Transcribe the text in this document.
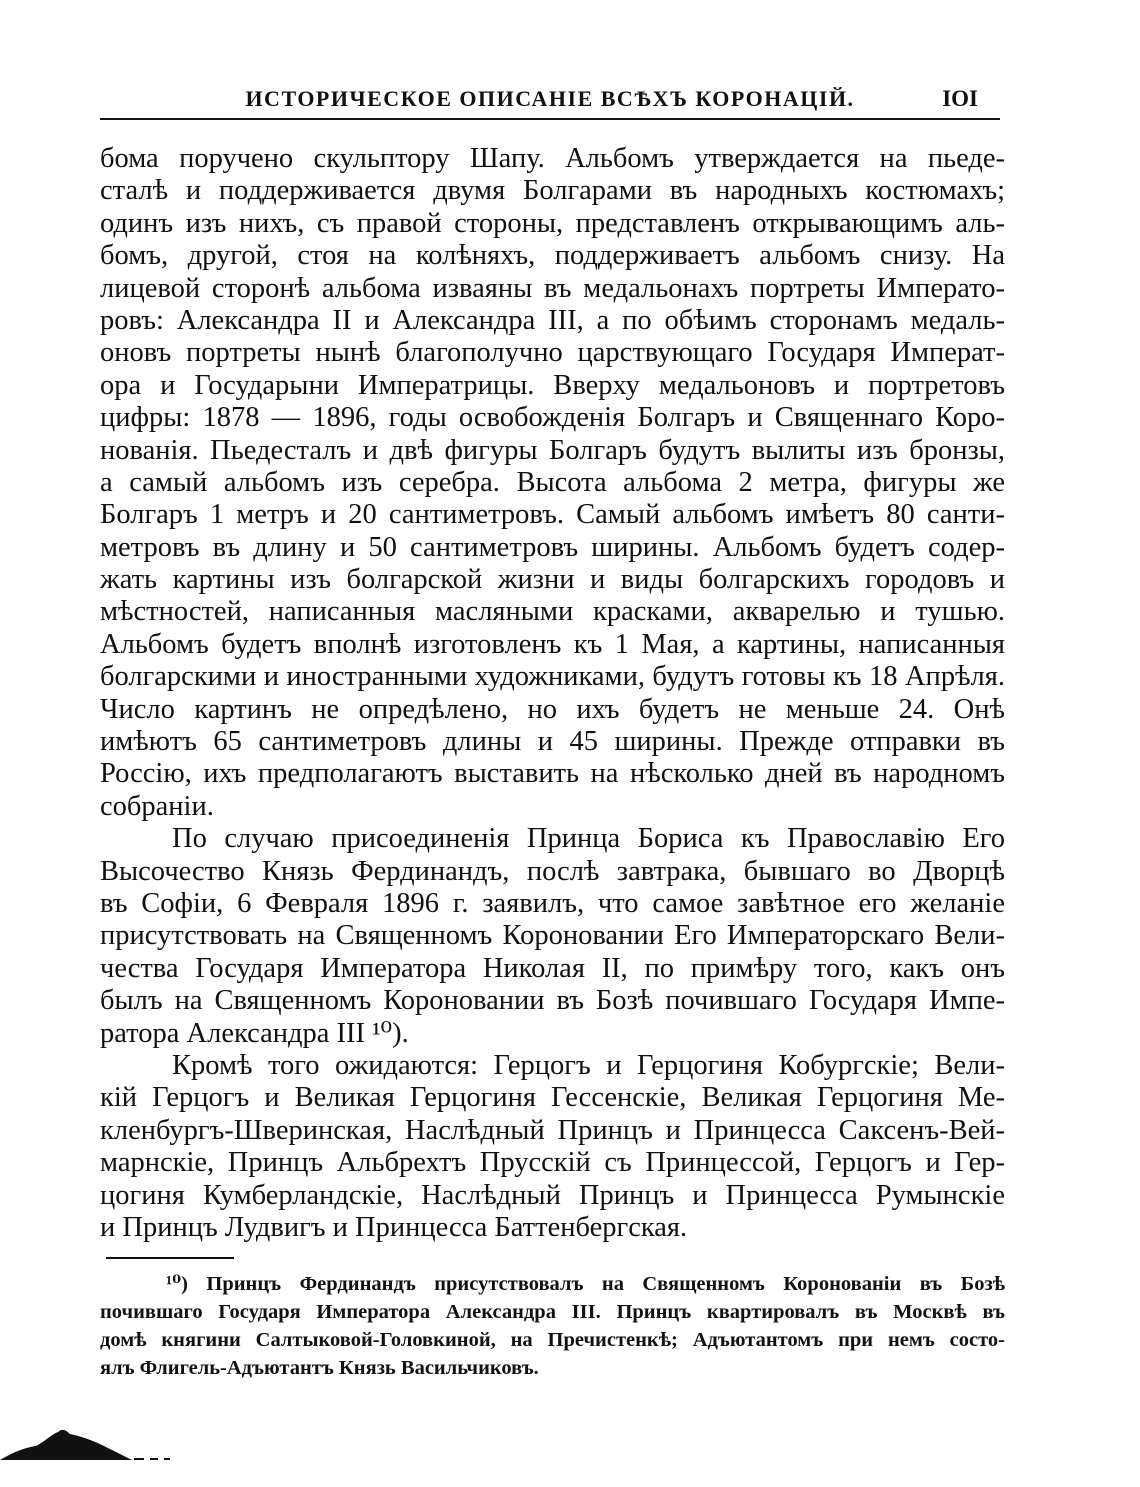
ИСТОРИЧЕСКОЕ ОПИСАНІЕ ВСѢХЪ КОРОНАЦІЙ.	IOI
бома поручено скульптору Шапу. Альбомъ утверждается на пьеде-
сталѣ и поддерживается двумя Болгарами въ народныхъ костюмахъ;
одинъ изъ нихъ, съ правой стороны, представленъ открывающимъ аль-
бомъ, другой, стоя на колѣняхъ, поддерживаетъ альбомъ снизу. На
лицевой сторонѣ альбома изваяны въ медальонахъ портреты Императо-
ровъ: Александра II и Александра III, а по обѣимъ сторонамъ медаль-
оновъ портреты нынѣ благополучно царствующаго Государя Императ-
ора и Государыни Императрицы. Вверху медальоновъ и портретовъ
цифры: 1878 — 1896, годы освобожденія Болгаръ и Священнаго Коро-
нованія. Пьедесталъ и двѣ фигуры Болгаръ будутъ вылиты изъ бронзы,
а самый альбомъ изъ серебра. Высота альбома 2 метра, фигуры же
Болгаръ 1 метръ и 20 сантиметровъ. Самый альбомъ имѣетъ 80 санти-
метровъ въ длину и 50 сантиметровъ ширины. Альбомъ будетъ содер-
жать картины изъ болгарской жизни и виды болгарскихъ городовъ и
мѣстностей, написанныя масляными красками, акварелью и тушью.
Альбомъ будетъ вполнѣ изготовленъ къ 1 Мая, а картины, написанныя
болгарскими и иностранными художниками, будутъ готовы къ 18 Апрѣля.
Число картинъ не опредѣлено, но ихъ будетъ не меньше 24. Онѣ
имѣютъ 65 сантиметровъ длины и 45 ширины. Прежде отправки въ
Россію, ихъ предполагаютъ выставить на нѣсколько дней въ народномъ
собраніи.
По случаю присоединенія Принца Бориса къ Православію Его
Высочество Князь Фердинандъ, послѣ завтрака, бывшаго во Дворцѣ
въ Софіи, 6 Февраля 1896 г. заявилъ, что самое завѣтное его желаніе
присутствовать на Священномъ Короновании Его Императорскаго Вели-
чества Государя Императора Николая II, по примѣру того, какъ онъ
былъ на Священномъ Короновании въ Бозѣ почившаго Государя Импе-
ратора Александра III ¹⁰).
Кромѣ того ожидаются: Герцогъ и Герцогиня Кобургскіе; Вели-
кій Герцогъ и Великая Герцогиня Гессенскіе, Великая Герцогиня Ме-
кленбургъ-Шверинская, Наслѣдный Принцъ и Принцесса Саксенъ-Вей-
марнскіе, Принцъ Альбрехтъ Прусскій съ Принцессой, Герцогъ и Гер-
цогиня Кумберландскіе, Наслѣдный Принцъ и Принцесса Румынскіе
и Принцъ Лудвигъ и Принцесса Баттенбергская.
¹⁰) Принцъ Фердинандъ присутствовалъ на Священномъ Коронованіи въ Бозѣ
почившаго Государя Императора Александра III. Принцъ квартировалъ въ Москвѣ въ
домѣ княгини Салтыковой-Головкиной, на Пречистенкѣ; Адъютантомъ при немъ состо-
ялъ Флигель-Адъютантъ Князь Васильчиковъ.
